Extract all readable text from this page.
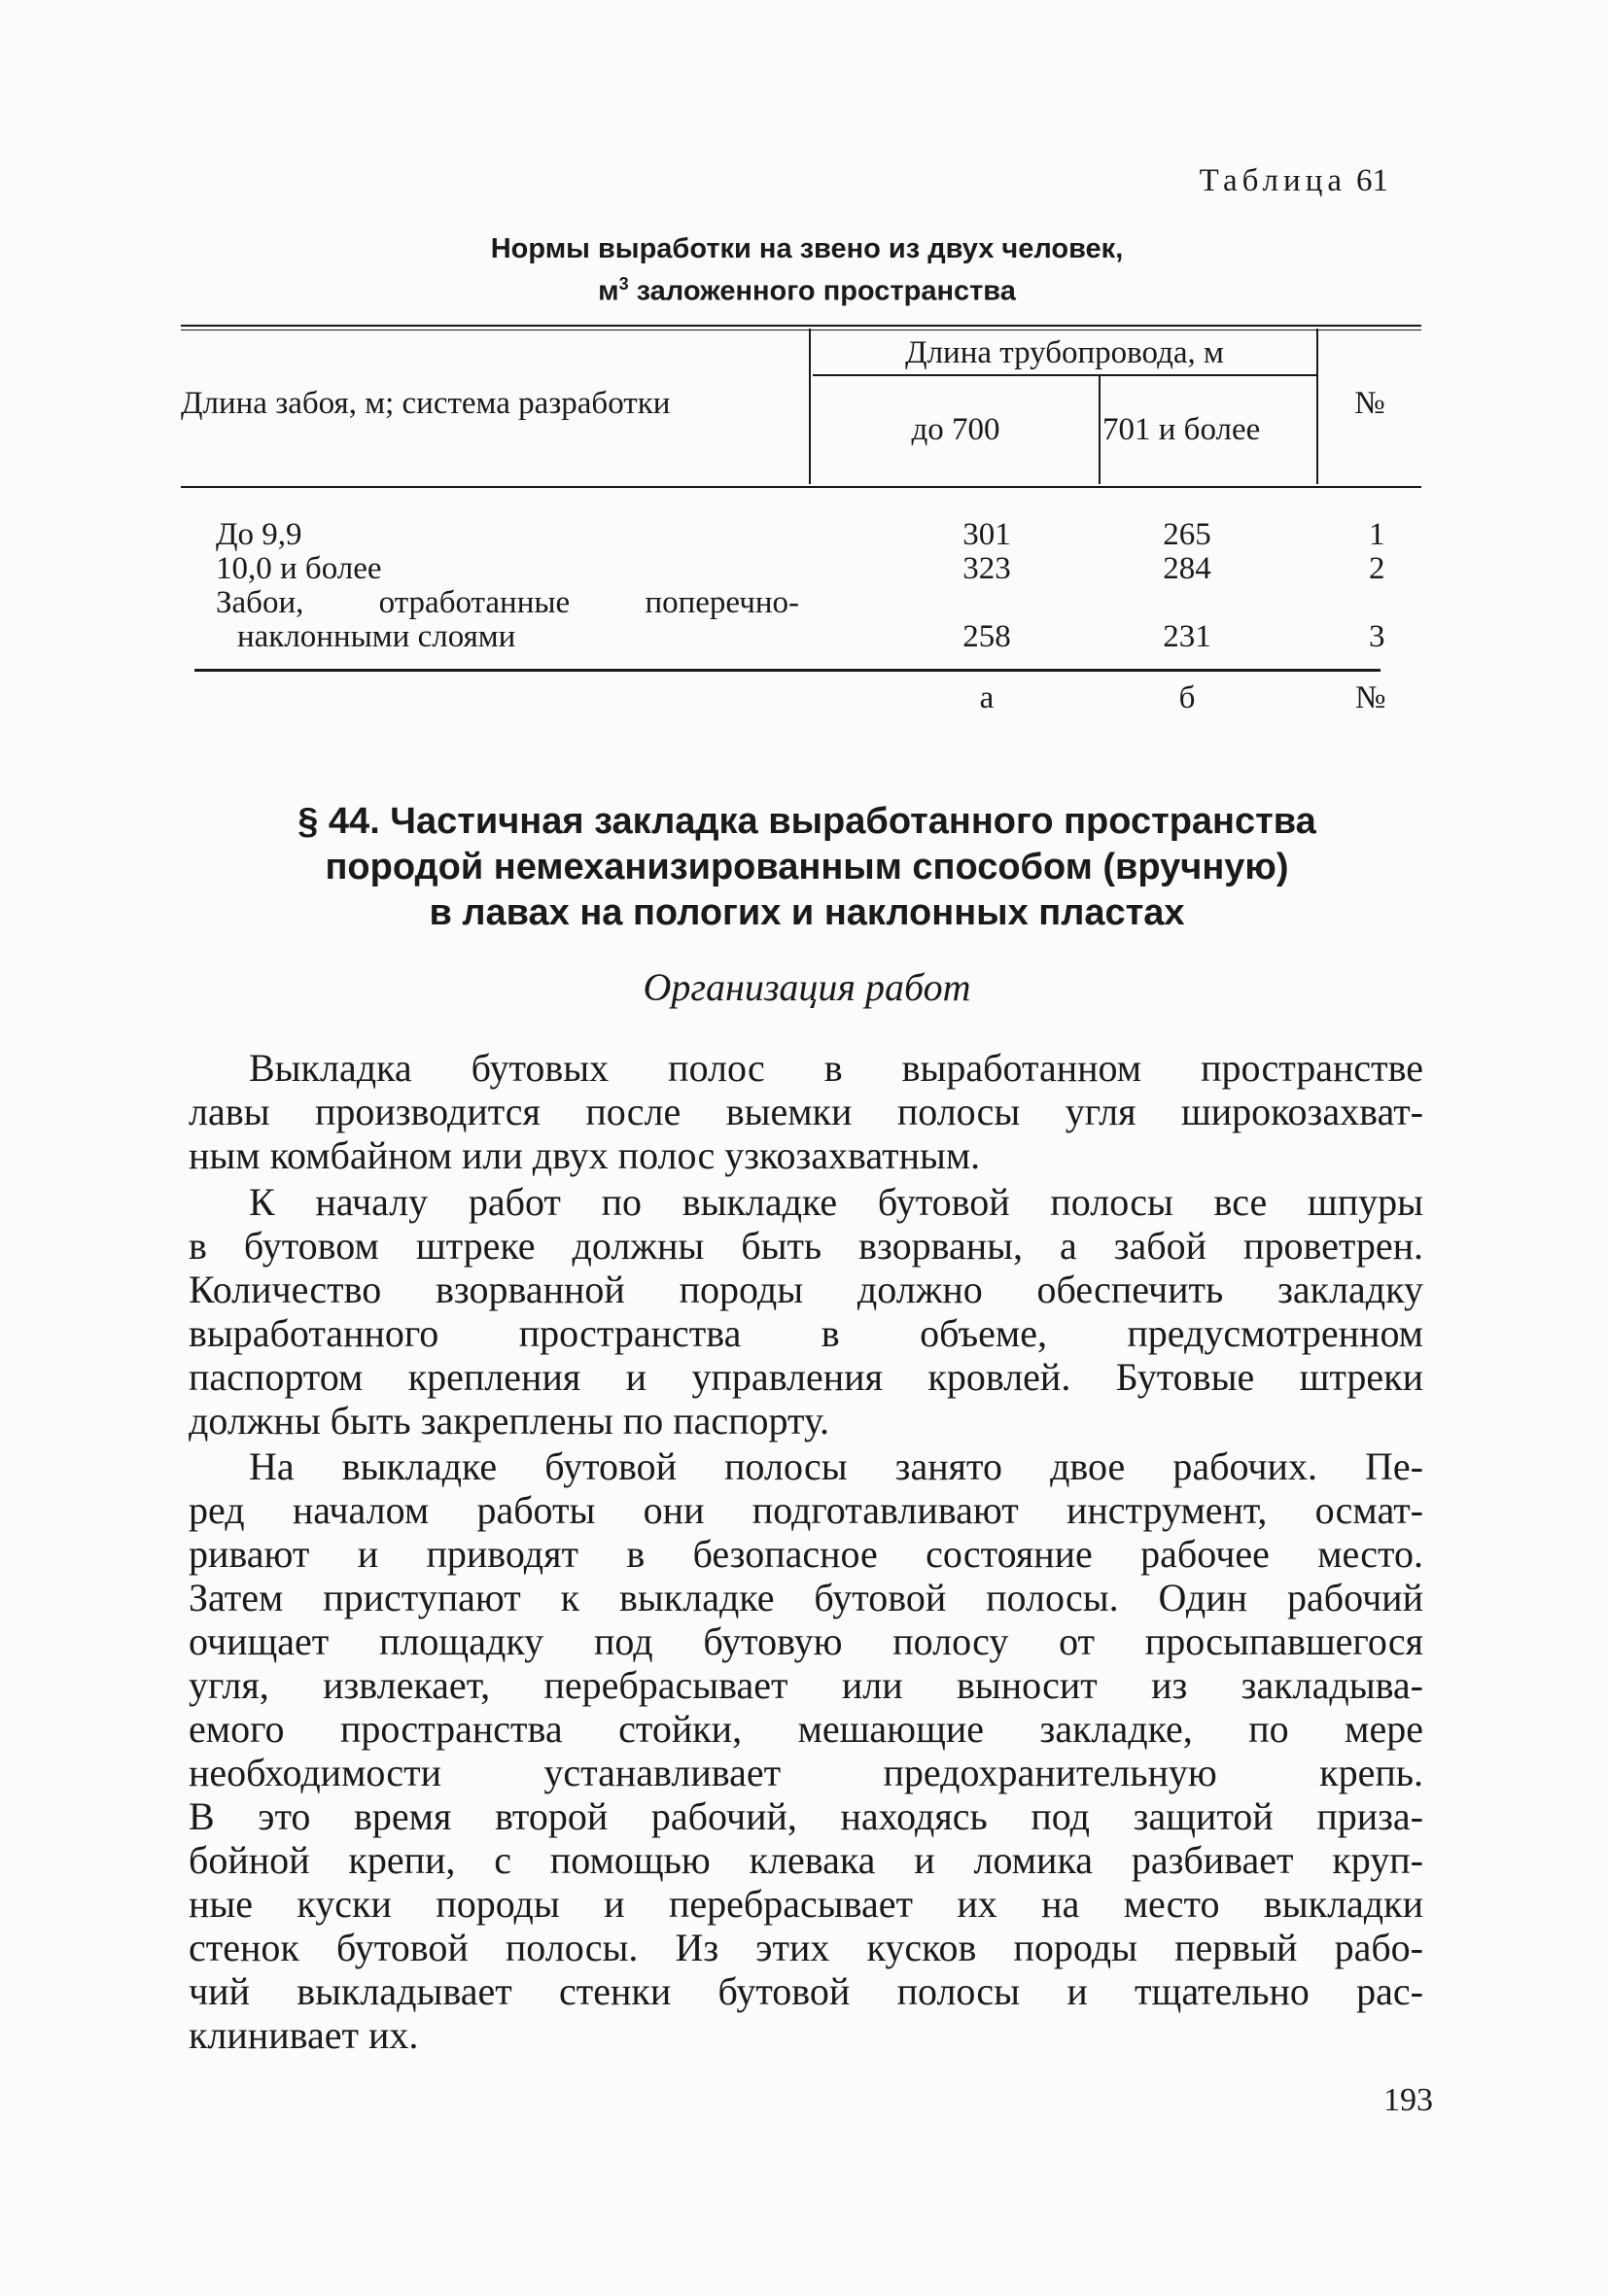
Таблица 61
Нормы выработки на звено из двух человек,
$м^3$ заложенного пространства
Длина забоя, м; система разработки
Длина трубопровода, м
до 700	701 и более
№
До 9,9	301	265	1
10,0 и более	323	284	2
Забои, отработанные поперечно-
наклонными слоями	258	231	3
а	б	№
§ 44. Частичная закладка выработанного пространства
породой немеханизированным способом (вручную)
в лавах на пологих и наклонных пластах
Организация работ
Выкладка бутовых полос в выработанном пространстве
лавы производится после выемки полосы угля широкозахват-
ным комбайном или двух полос узкозахватным.
К началу работ по выкладке бутовой полосы все шпуры
в бутовом штреке должны быть взорваны, а забой проветрен.
Количество взорванной породы должно обеспечить закладку
выработанного пространства в объеме, предусмотренном
паспортом крепления и управления кровлей. Бутовые штреки
должны быть закреплены по паспорту.
На выкладке бутовой полосы занято двое рабочих. Пе-
ред началом работы они подготавливают инструмент, осмат-
ривают и приводят в безопасное состояние рабочее место.
Затем приступают к выкладке бутовой полосы. Один рабочий
очищает площадку под бутовую полосу от просыпавшегося
угля, извлекает, перебрасывает или выносит из закладыва-
емого пространства стойки, мешающие закладке, по мере
необходимости устанавливает предохранительную крепь.
В это время второй рабочий, находясь под защитой приза-
бойной крепи, с помощью клевака и ломика разбивает круп-
ные куски породы и перебрасывает их на место выкладки
стенок бутовой полосы. Из этих кусков породы первый рабо-
чий выкладывает стенки бутовой полосы и тщательно рас-
клинивает их.
193
